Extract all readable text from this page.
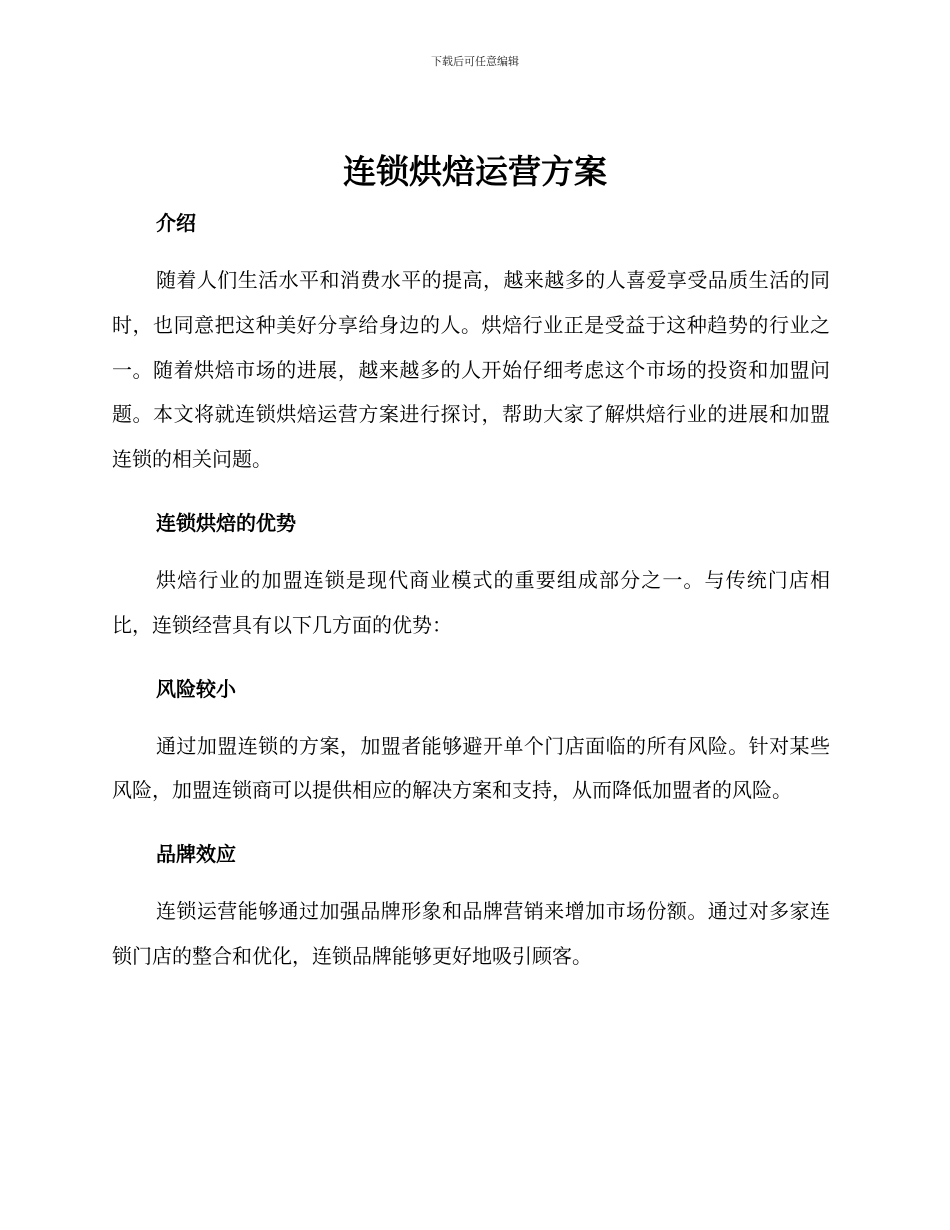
下载后可任意编辑
连锁烘焙运营方案
介绍

随着人们生活水平和消费水平的提高，越来越多的人喜爱享受品质生活的同时，也同意把这种美好分享给身边的人。烘焙行业正是受益于这种趋势的行业之一。随着烘焙市场的进展，越来越多的人开始仔细考虑这个市场的投资和加盟问题。本文将就连锁烘焙运营方案进行探讨，帮助大家了解烘焙行业的进展和加盟连锁的相关问题。

连锁烘焙的优势

烘焙行业的加盟连锁是现代商业模式的重要组成部分之一。与传统门店相比，连锁经营具有以下几方面的优势：

风险较小

通过加盟连锁的方案，加盟者能够避开单个门店面临的所有风险。针对某些风险，加盟连锁商可以提供相应的解决方案和支持，从而降低加盟者的风险。

品牌效应

连锁运营能够通过加强品牌形象和品牌营销来增加市场份额。通过对多家连锁门店的整合和优化，连锁品牌能够更好地吸引顾客。
